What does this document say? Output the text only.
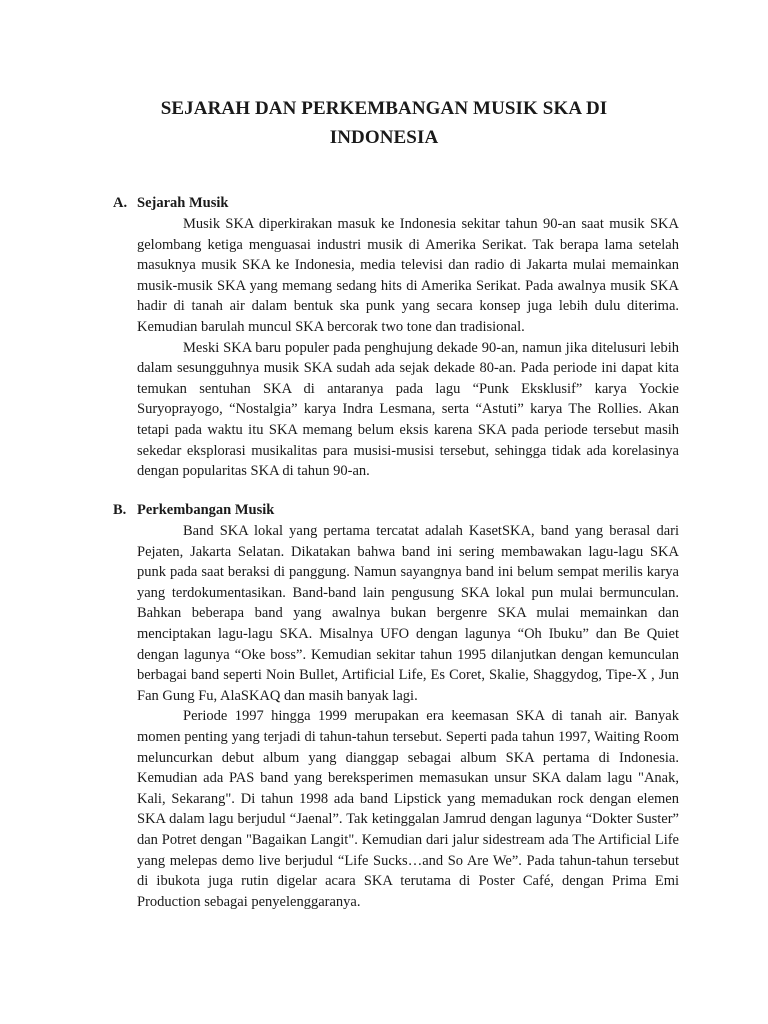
SEJARAH DAN PERKEMBANGAN MUSIK SKA DI INDONESIA
A. Sejarah Musik

Musik SKA diperkirakan masuk ke Indonesia sekitar tahun 90-an saat musik SKA gelombang ketiga menguasai industri musik di Amerika Serikat. Tak berapa lama setelah masuknya musik SKA ke Indonesia, media televisi dan radio di Jakarta mulai memainkan musik-musik SKA yang memang sedang hits di Amerika Serikat. Pada awalnya musik SKA hadir di tanah air dalam bentuk ska punk yang secara konsep juga lebih dulu diterima. Kemudian barulah muncul SKA bercorak two tone dan tradisional.

Meski SKA baru populer pada penghujung dekade 90-an, namun jika ditelusuri lebih dalam sesungguhnya musik SKA sudah ada sejak dekade 80-an. Pada periode ini dapat kita temukan sentuhan SKA di antaranya pada lagu “Punk Eksklusif” karya Yockie Suryoprayogo, “Nostalgia” karya Indra Lesmana, serta “Astuti” karya The Rollies. Akan tetapi pada waktu itu SKA memang belum eksis karena SKA pada periode tersebut masih sekedar eksplorasi musikalitas para musisi-musisi tersebut, sehingga tidak ada korelasinya dengan popularitas SKA di tahun 90-an.

B. Perkembangan Musik

Band SKA lokal yang pertama tercatat adalah KasetSKA, band yang berasal dari Pejaten, Jakarta Selatan. Dikatakan bahwa band ini sering membawakan lagu-lagu SKA punk pada saat beraksi di panggung. Namun sayangnya band ini belum sempat merilis karya yang terdokumentasikan. Band-band lain pengusung SKA lokal pun mulai bermunculan. Bahkan beberapa band yang awalnya bukan bergenre SKA mulai memainkan dan menciptakan lagu-lagu SKA. Misalnya UFO dengan lagunya “Oh Ibuku” dan Be Quiet dengan lagunya “Oke boss”. Kemudian sekitar tahun 1995 dilanjutkan dengan kemunculan berbagai band seperti Noin Bullet, Artificial Life, Es Coret, Skalie, Shaggydog, Tipe-X , Jun Fan Gung Fu, AlaSKAQ dan masih banyak lagi.

Periode 1997 hingga 1999 merupakan era keemasan SKA di tanah air. Banyak momen penting yang terjadi di tahun-tahun tersebut. Seperti pada tahun 1997, Waiting Room meluncurkan debut album yang dianggap sebagai album SKA pertama di Indonesia. Kemudian ada PAS band yang bereksperimen memasukan unsur SKA dalam lagu "Anak, Kali, Sekarang". Di tahun 1998 ada band Lipstick yang memadukan rock dengan elemen SKA dalam lagu berjudul “Jaenal”. Tak ketinggalan Jamrud dengan lagunya “Dokter Suster” dan Potret dengan "Bagaikan Langit". Kemudian dari jalur sidestream ada The Artificial Life yang melepas demo live berjudul “Life Sucks…and So Are We”. Pada tahun-tahun tersebut di ibukota juga rutin digelar acara SKA terutama di Poster Café, dengan Prima Emi Production sebagai penyelenggaranya.
